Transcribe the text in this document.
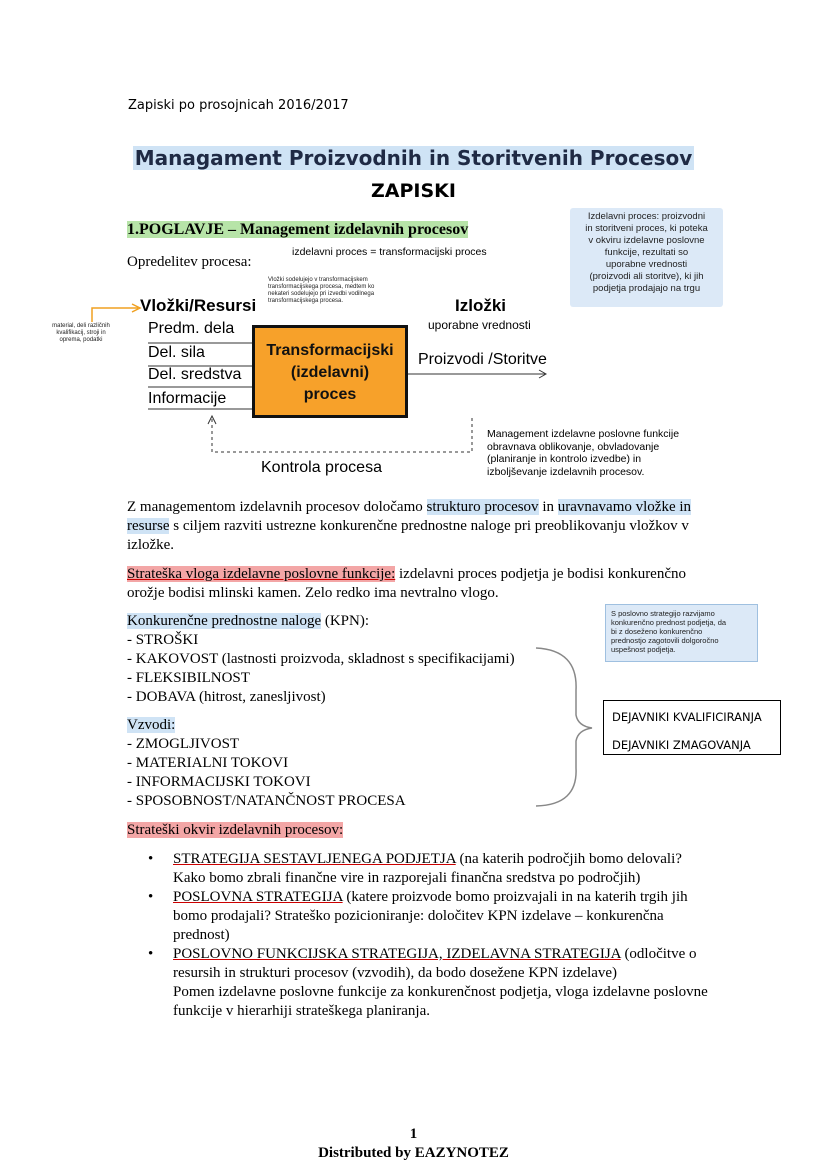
Zapiski po prosojnicah 2016/2017
Managament Proizvodnih in Storitvenih Procesov
ZAPISKI
1.POGLAVJE – Management izdelavnih procesov
Opredelitev procesa:
izdelavni proces = transformacijski proces
Vložki sodelujejo v transformacijskem
transformacijskega procesa, medtem ko
nekateri sodelujejo pri izvedbi vodilnega
transformacijskega procesa.
material, deli različnih
kvalifikacij, stroji in
oprema, podatki
Izdelavni proces: proizvodni
in storitveni proces, ki poteka
v okviru izdelavne poslovne
funkcije, rezultati so
uporabne vrednosti
(proizvodi ali storitve), ki jih
podjetja prodajajo na trgu
Vložki/Resursi
Predm. dela
Del. sila
Del. sredstva
Informacije
Transformacijski
(izdelavni)
proces
Izložki
uporabne vrednosti
Proizvodi /Storitve
Kontrola procesa
Management izdelavne poslovne funkcije
obravnava oblikovanje, obvladovanje
(planiranje in kontrolo izvedbe) in
izboljševanje izdelavnih procesov.
Z managementom izdelavnih procesov določamo strukturo procesov in uravnavamo vložke in resurse s ciljem razviti ustrezne konkurenčne prednostne naloge pri preoblikovanju vložkov v izložke.
Strateška vloga izdelavne poslovne funkcije: izdelavni proces podjetja je bodisi konkurenčno orožje bodisi mlinski kamen. Zelo redko ima nevtralno vlogo.
Konkurenčne prednostne naloge (KPN):
- STROŠKI
- KAKOVOST (lastnosti proizvoda, skladnost s specifikacijami)
- FLEKSIBILNOST
- DOBAVA (hitrost, zanesljivost)
Vzvodi:
- ZMOGLJIVOST
- MATERIALNI TOKOVI
- INFORMACIJSKI TOKOVI
- SPOSOBNOST/NATANČNOST PROCESA
S poslovno strategijo razvijamo
konkurenčno prednost podjetja, da
bi z doseženo konkurenčno
prednostjo zagotovili dolgoročno
uspešnost podjetja.
DEJAVNIKI KVALIFICIRANJA
DEJAVNIKI ZMAGOVANJA
Strateški okvir izdelavnih procesov:
• STRATEGIJA SESTAVLJENEGA PODJETJA (na katerih področjih bomo delovali? Kako bomo zbrali finančne vire in razporejali finančna sredstva po področjih)
• POSLOVNA STRATEGIJA (katere proizvode bomo proizvajali in na katerih trgih jih bomo prodajali? Strateško pozicioniranje: določitev KPN izdelave – konkurenčna prednost)
• POSLOVNO FUNKCIJSKA STRATEGIJA, IZDELAVNA STRATEGIJA (odločitve o resursih in strukturi procesov (vzvodih), da bodo dosežene KPN izdelave)
Pomen izdelavne poslovne funkcije za konkurenčnost podjetja, vloga izdelavne poslovne funkcije v hierarhiji strateškega planiranja.
1
Distributed by EAZYNOTEZ
